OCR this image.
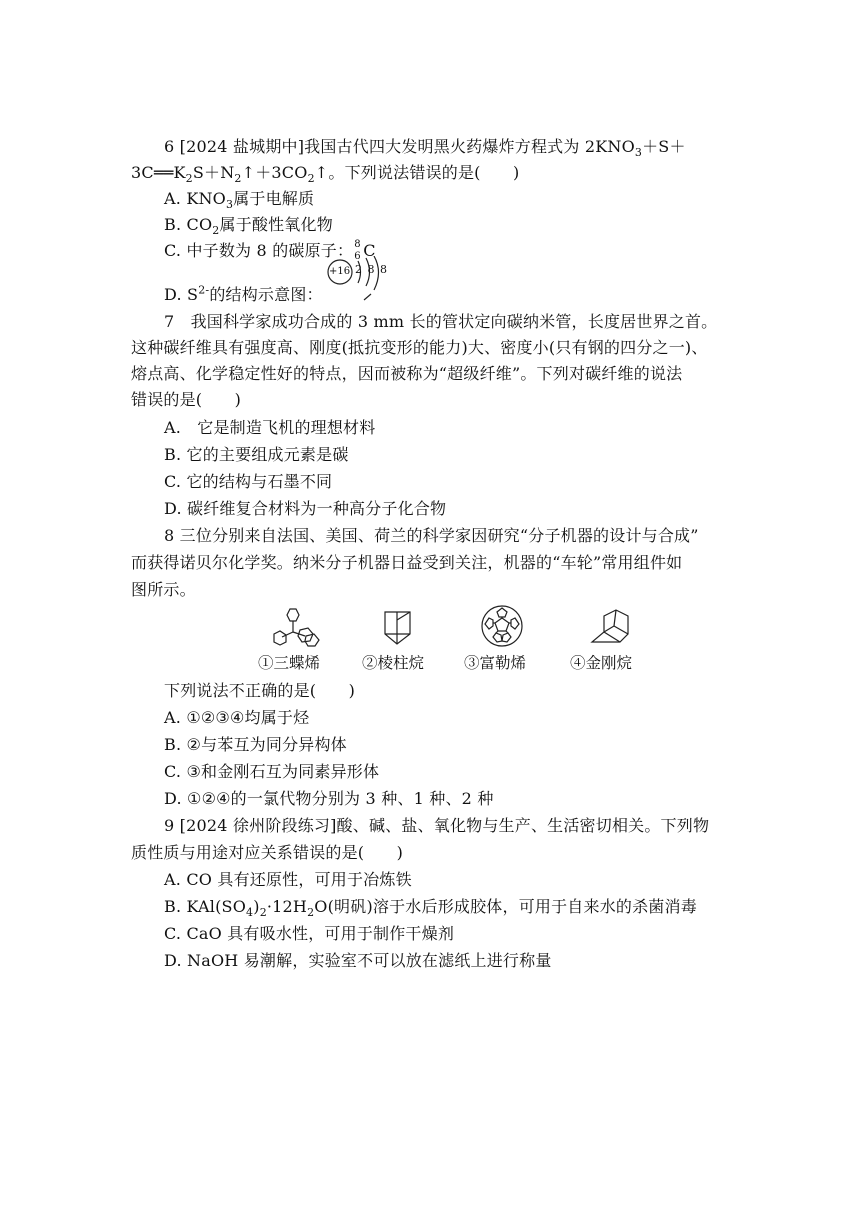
6 [2024 盐城期中]我国古代四大发明黑火药爆炸方程式为 $2KNO_3+S+$
$3C══K_2S+N_2↑+3CO_2↑$。下列说法错误的是(　　)
A. $KNO_3$属于电解质
B. $CO_2$属于酸性氧化物
C. 中子数为 8 的碳原子： 8
6 C
D. $S^{2-}$的结构示意图：
+16 2 8 8
7　我国科学家成功合成的 3 mm 长的管状定向碳纳米管，长度居世界之首。
这种碳纤维具有强度高、刚度(抵抗变形的能力)大、密度小(只有钢的四分之一)、
熔点高、化学稳定性好的特点，因而被称为“超级纤维”。下列对碳纤维的说法
错误的是(　　)
A.　它是制造飞机的理想材料
B. 它的主要组成元素是碳
C. 它的结构与石墨不同
D. 碳纤维复合材料为一种高分子化合物
8 三位分别来自法国、美国、荷兰的科学家因研究“分子机器的设计与合成”
而获得诺贝尔化学奖。纳米分子机器日益受到关注，机器的“车轮”常用组件如
图所示。
①三蝶烯	②棱柱烷	③富勒烯	④金刚烷
下列说法不正确的是(　　)
A. ①②③④均属于烃
B. ②与苯互为同分异构体
C. ③和金刚石互为同素异形体
D. ①②④的一氯代物分别为 3 种、1 种、2 种
9 [2024 徐州阶段练习]酸、碱、盐、氧化物与生产、生活密切相关。下列物
质性质与用途对应关系错误的是(　　)
A. CO 具有还原性，可用于冶炼铁
B. $KAl(SO_4)_2\cdot 12H_2O$(明矾)溶于水后形成胶体，可用于自来水的杀菌消毒
C. CaO 具有吸水性，可用于制作干燥剂
D. NaOH 易潮解，实验室不可以放在滤纸上进行称量
